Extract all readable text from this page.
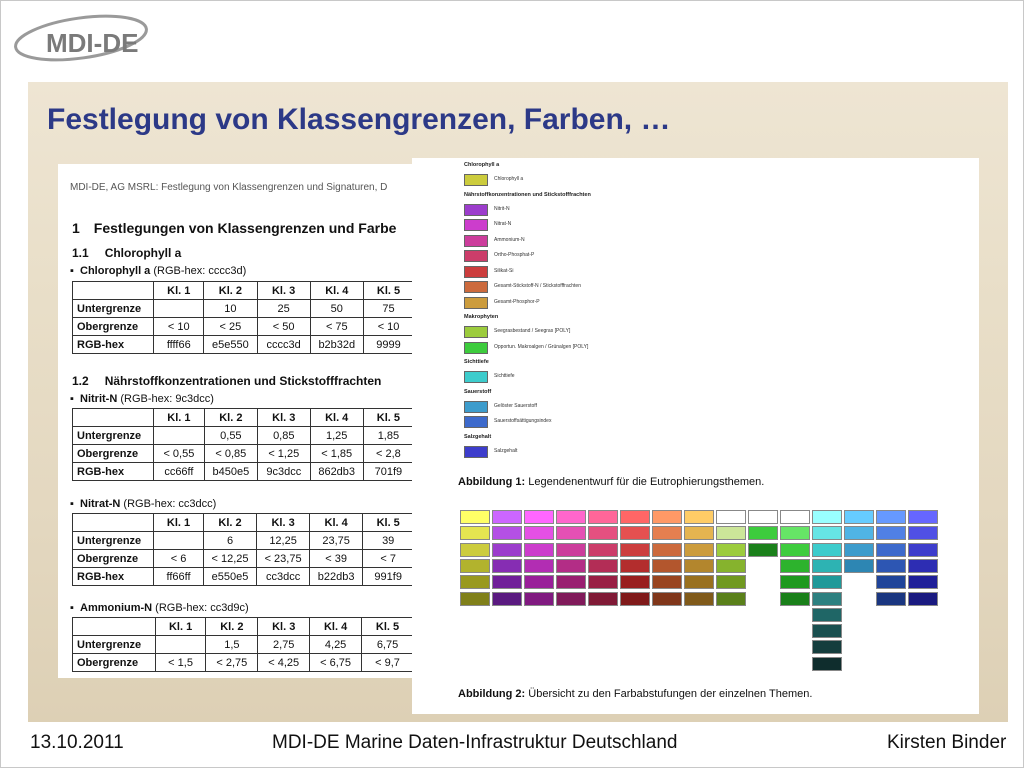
MDI-DE
Festlegung von Klassengrenzen, Farben, …
MDI-DE, AG MSRL: Festlegung von Klassengrenzen und Signaturen, D
1 Festlegungen von Klassengrenzen und Farbe
1.1 Chlorophyll a
1.2 Nährstoffkonzentrationen und Stickstofffrachten
▪  Chlorophyll a (RGB-hex: cccc3d)
	Kl. 1	Kl. 2	Kl. 3	Kl. 4	Kl. 5
Untergrenze		10	25	50	75
Obergrenze	< 10	< 25	< 50	< 75	< 10
RGB-hex	ffff66	e5e550	cccc3d	b2b32d	9999
▪  Nitrit-N (RGB-hex: 9c3dcc)
	Kl. 1	Kl. 2	Kl. 3	Kl. 4	Kl. 5
Untergrenze		0,55	0,85	1,25	1,85
Obergrenze	< 0,55	< 0,85	< 1,25	< 1,85	< 2,8
RGB-hex	cc66ff	b450e5	9c3dcc	862db3	701f9
▪  Nitrat-N (RGB-hex: cc3dcc)
	Kl. 1	Kl. 2	Kl. 3	Kl. 4	Kl. 5
Untergrenze		6	12,25	23,75	39
Obergrenze	< 6	< 12,25	< 23,75	< 39	< 7
RGB-hex	ff66ff	e550e5	cc3dcc	b22db3	991f9
▪  Ammonium-N (RGB-hex: cc3d9c)
	Kl. 1	Kl. 2	Kl. 3	Kl. 4	Kl. 5
Untergrenze		1,5	2,75	4,25	6,75
Obergrenze	< 1,5	< 2,75	< 4,25	< 6,75	< 9,7
Chlorophyll a
Chlorophyll a
Nährstoffkonzentrationen und Stickstofffrachten
Nitrit-N
Nitrat-N
Ammonium-N
Ortho-Phosphat-P
Silikat-Si
Gesamt-Stickstoff-N / Stickstofffrachten
Gesamt-Phosphor-P
Makrophyten
Seegrasbestand / Seegras [POLY]
Opportun. Makroalgen / Grünalgen [POLY]
Sichttiefe
Sichttiefe
Sauerstoff
Gelöster Sauerstoff
Sauerstoffsättigungsindex
Salzgehalt
Salzgehalt
Abbildung 1: Legendenentwurf für die Eutrophierungsthemen.
Abbildung 2: Übersicht zu den Farbabstufungen der einzelnen Themen.
13.10.2011	MDI-DE Marine Daten-Infrastruktur Deutschland	Kirsten Binder
